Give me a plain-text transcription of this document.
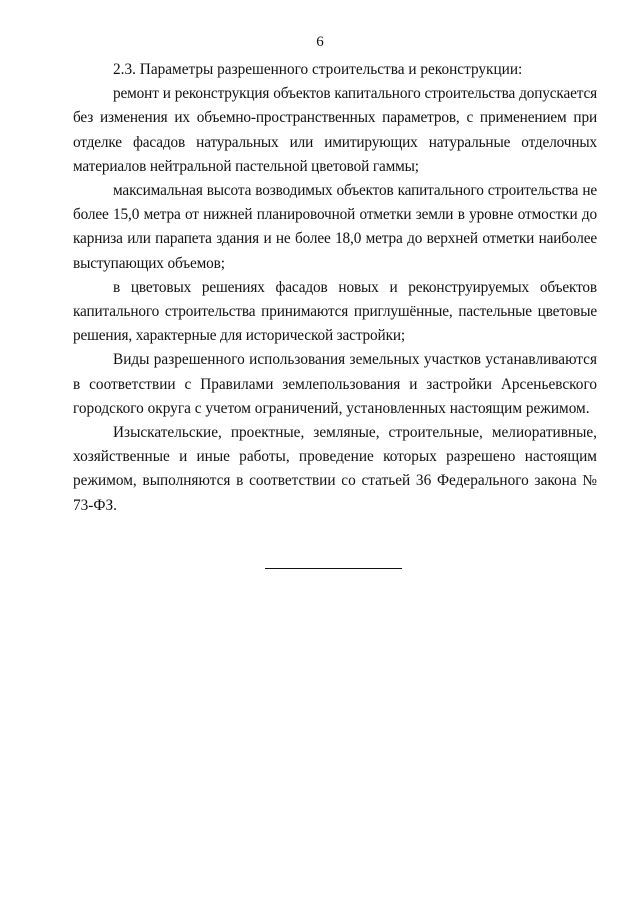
6

2.3. Параметры разрешенного строительства и реконструкции:

ремонт и реконструкция объектов капитального строительства допускается без изменения их объемно-пространственных параметров, с применением при отделке фасадов натуральных или имитирующих натуральные отделочных материалов нейтральной пастельной цветовой гаммы;

максимальная высота возводимых объектов капитального строительства не более 15,0 метра от нижней планировочной отметки земли в уровне отмостки до карниза или парапета здания и не более 18,0 метра до верхней отметки наиболее выступающих объемов;

в цветовых решениях фасадов новых и реконструируемых объектов капитального строительства принимаются приглушённые, пастельные цветовые решения, характерные для исторической застройки;

Виды разрешенного использования земельных участков устанавливаются в соответствии с Правилами землепользования и застройки Арсеньевского городского округа с учетом ограничений, установленных настоящим режимом.

Изыскательские, проектные, земляные, строительные, мелиоративные, хозяйственные и иные работы, проведение которых разрешено настоящим режимом, выполняются в соответствии со статьей 36 Федерального закона № 73-ФЗ.
